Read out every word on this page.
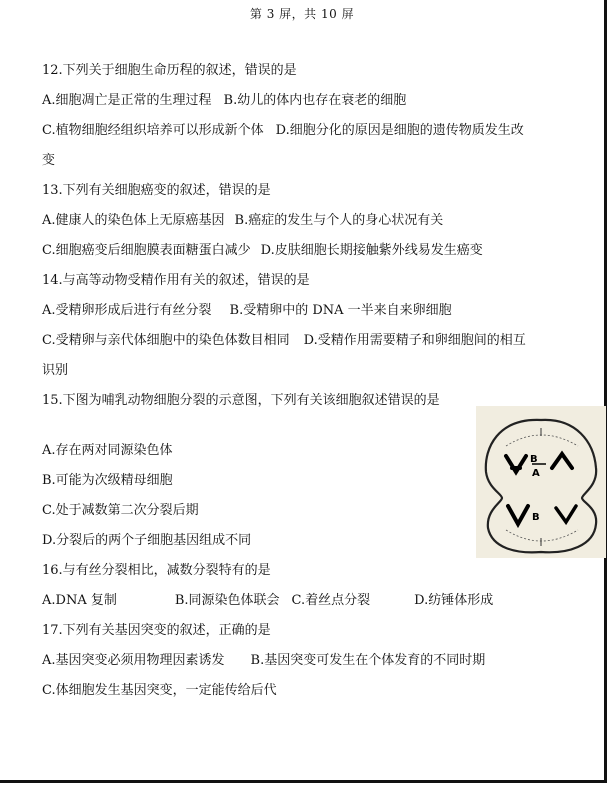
第 3 屏，共 10 屏
12.下列关于细胞生命历程的叙述，错误的是
A.细胞凋亡是正常的生理过程 B.幼儿的体内也存在衰老的细胞
C.植物细胞经组织培养可以形成新个体 D.细胞分化的原因是细胞的遗传物质发生改
变
13.下列有关细胞癌变的叙述，错误的是
A.健康人的染色体上无原癌基因 B.癌症的发生与个人的身心状况有关
C.细胞癌变后细胞膜表面糖蛋白减少 D.皮肤细胞长期接触紫外线易发生癌变
14.与高等动物受精作用有关的叙述，错误的是
A.受精卵形成后进行有丝分裂 B.受精卵中的 DNA 一半来自来卵细胞
C.受精卵与亲代体细胞中的染色体数目相同 D.受精作用需要精子和卵细胞间的相互
识别
15.下图为哺乳动物细胞分裂的示意图，下列有关该细胞叙述错误的是
A.存在两对同源染色体
B.可能为次级精母细胞
C.处于减数第二次分裂后期
D.分裂后的两个子细胞基因组成不同
B
A
B
16.与有丝分裂相比，减数分裂特有的是
A.DNA 复制	B.同源染色体联会 C.着丝点分裂	D.纺锤体形成
17.下列有关基因突变的叙述，正确的是
A.基因突变必须用物理因素诱发 B.基因突变可发生在个体发育的不同时期
C.体细胞发生基因突变，一定能传给后代
